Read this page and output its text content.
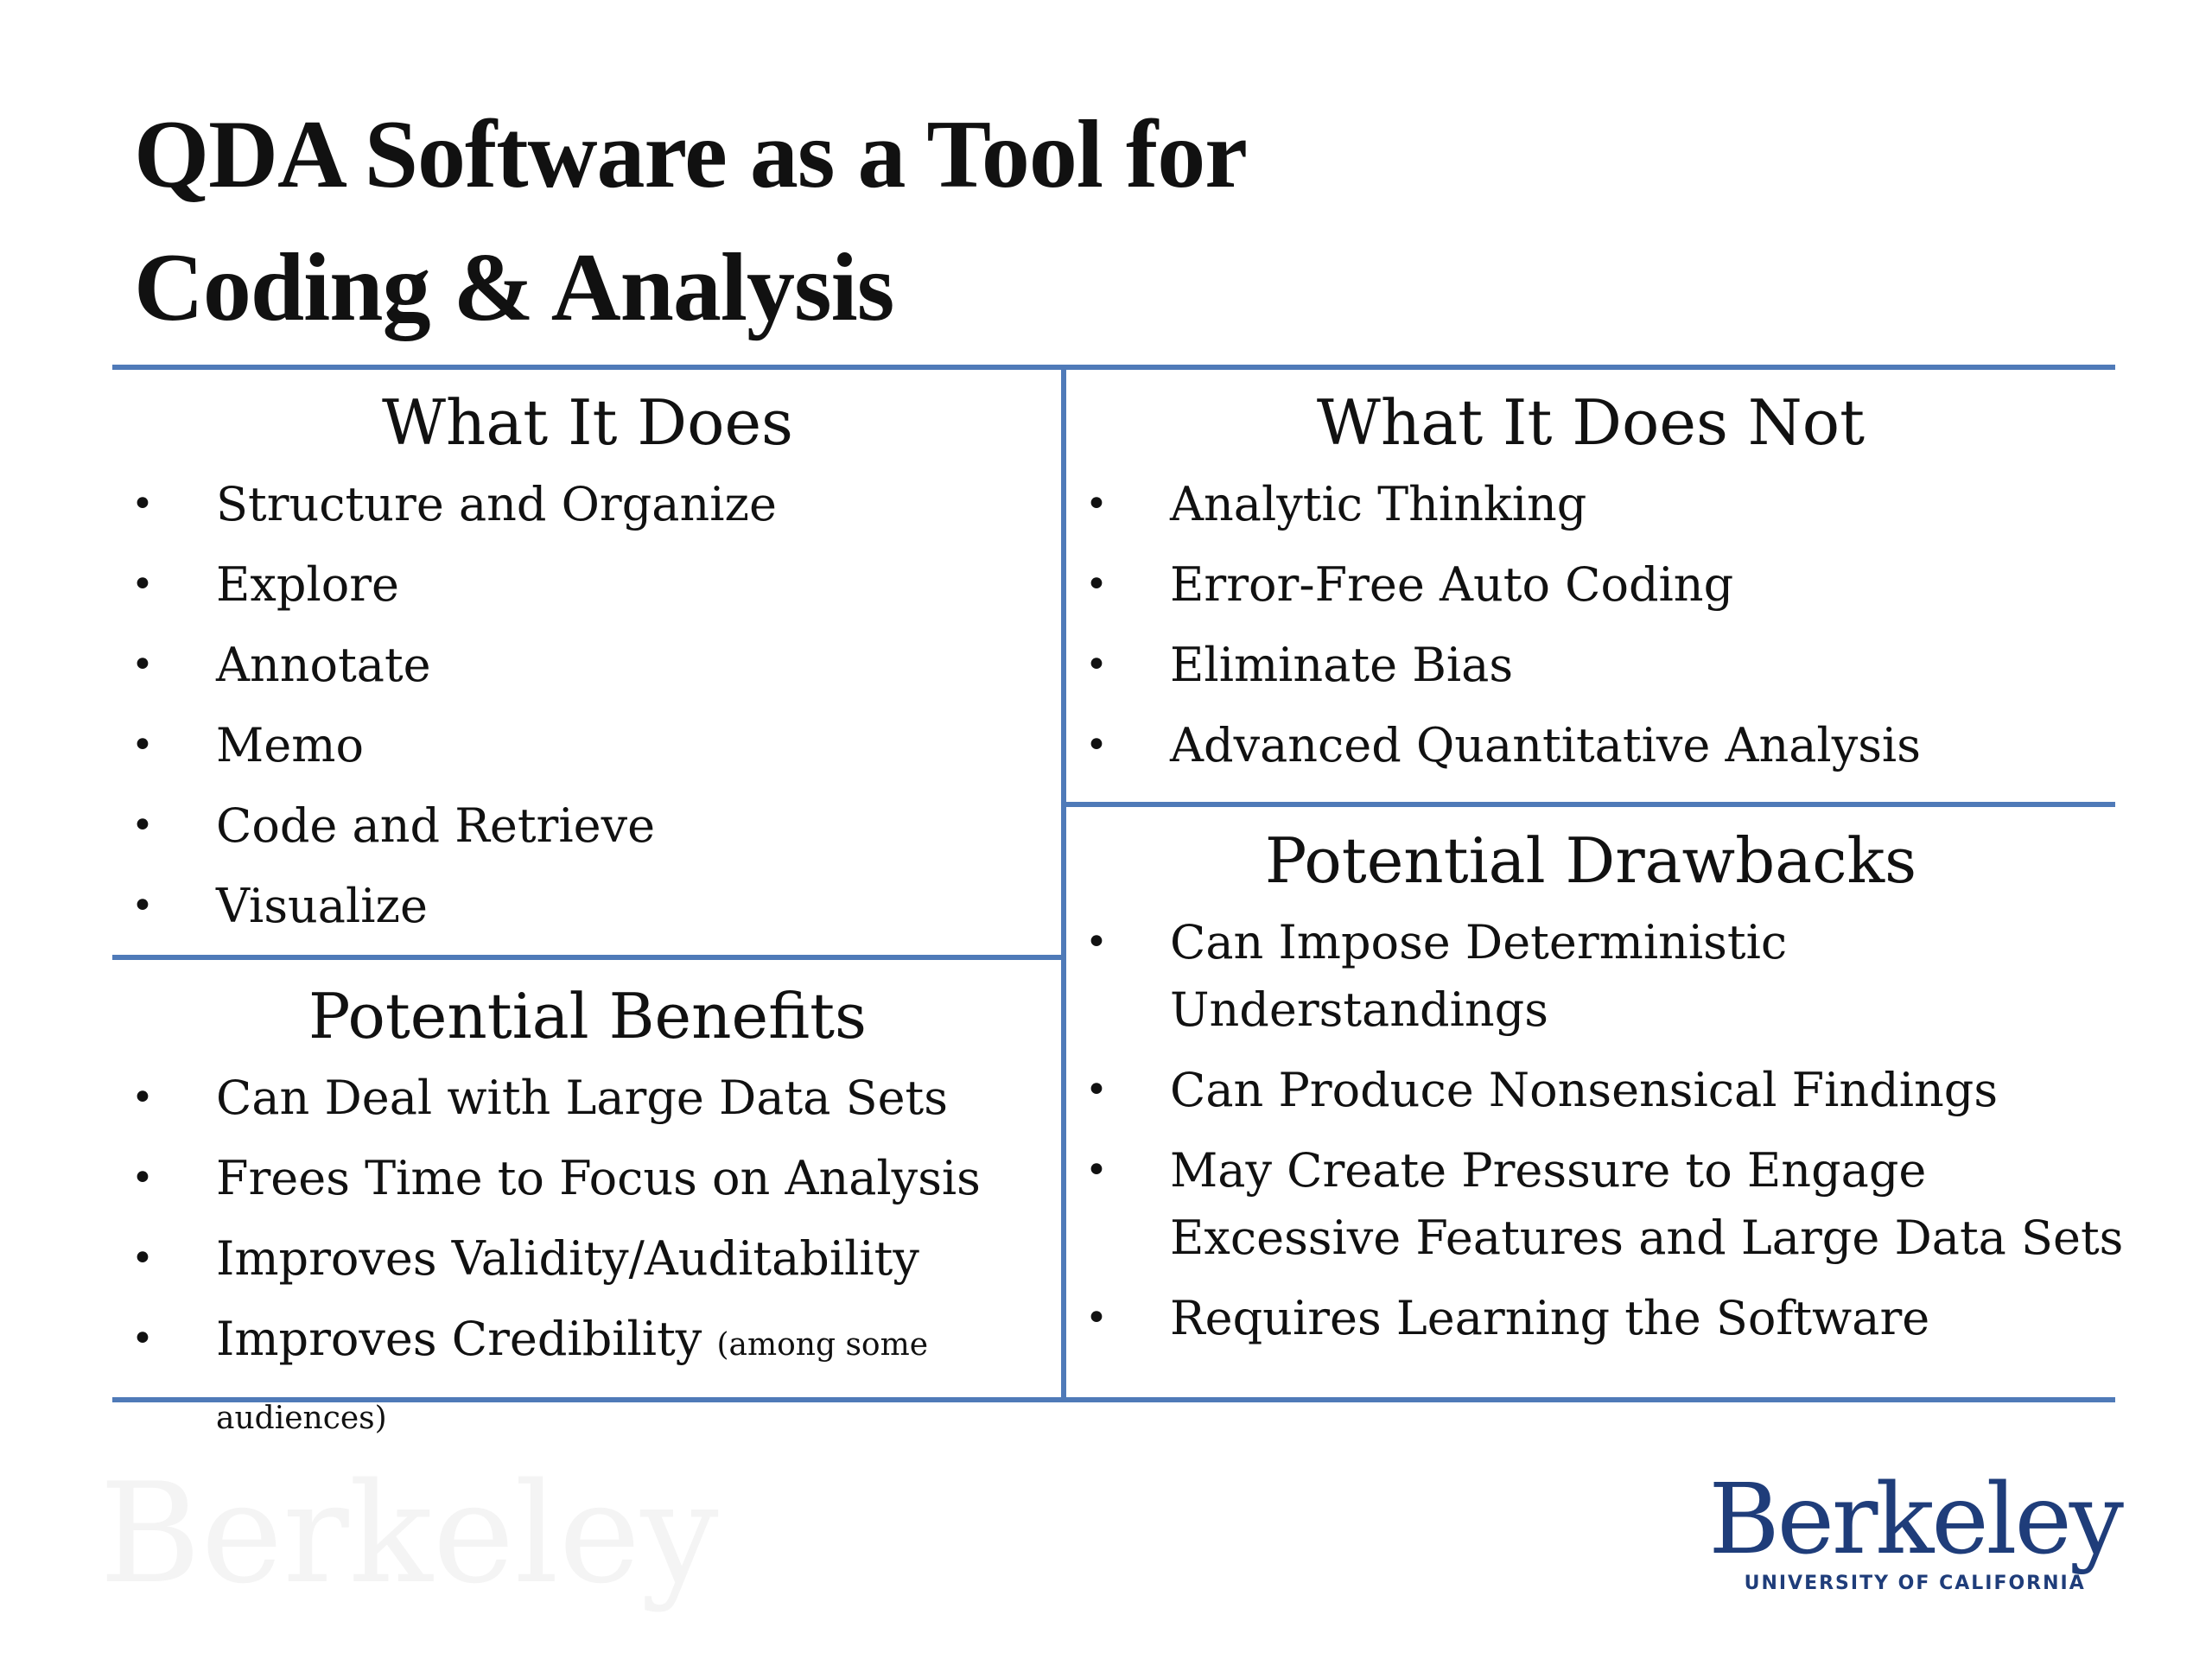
Berkeley
QDA Software as a Tool for
Coding & Analysis
What It Does
• Structure and Organize
• Explore
• Annotate
• Memo
• Code and Retrieve
• Visualize
What It Does Not
• Analytic Thinking
• Error-Free Auto Coding
• Eliminate Bias
• Advanced Quantitative Analysis
Potential Benefits
• Can Deal with Large Data Sets
• Frees Time to Focus on Analysis
• Improves Validity/Auditability
• Improves Credibility (among some audiences)
Potential Drawbacks
• Can Impose Deterministic Understandings
• Can Produce Nonsensical Findings
• May Create Pressure to Engage Excessive Features and Large Data Sets
• Requires Learning the Software
Berkeley
UNIVERSITY OF CALIFORNIA
